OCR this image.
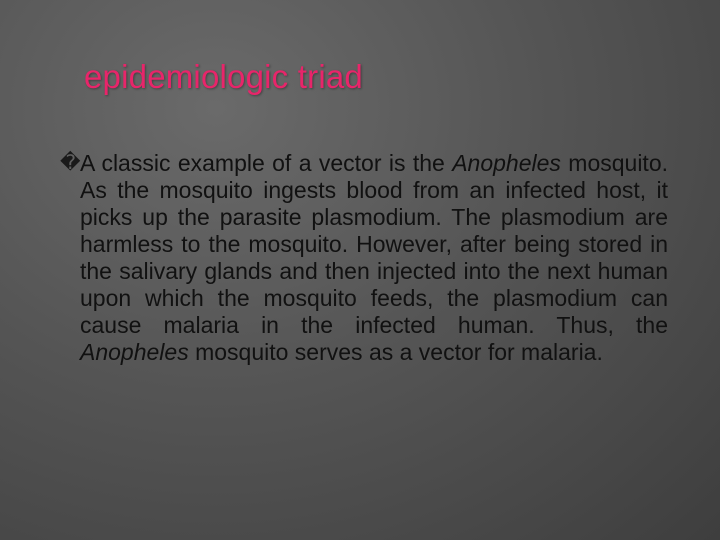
epidemiologic triad
� A classic example of a vector is the Anopheles mosquito. As the mosquito ingests blood from an infected host, it picks up the parasite plasmodium. The plasmodium are harmless to the mosquito. However, after being stored in the salivary glands and then injected into the next human upon which the mosquito feeds, the plasmodium can cause malaria in the infected human. Thus, the Anopheles mosquito serves as a vector for malaria.
